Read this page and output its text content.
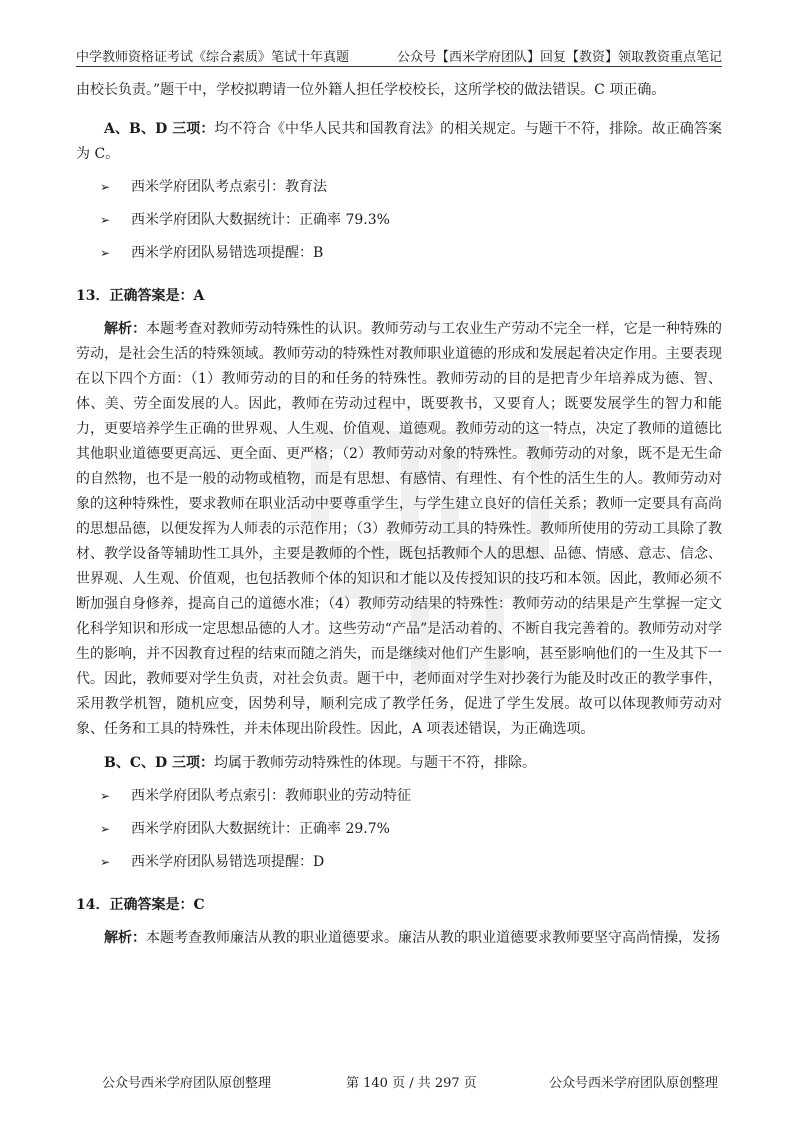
中学教师资格证考试《综合素质》笔试十年真题	公众号【西米学府团队】回复【教资】领取教资重点笔记

由校长负责。”题干中，学校拟聘请一位外籍人担任学校校长，这所学校的做法错误。C 项正确。

A、B、D 三项：均不符合《中华人民共和国教育法》的相关规定。与题干不符，排除。故正确答案为 C。

➢ 西米学府团队考点索引：教育法
➢ 西米学府团队大数据统计：正确率 79.3%
➢ 西米学府团队易错选项提醒：B

13．正确答案是：A

解析：本题考查对教师劳动特殊性的认识。教师劳动与工农业生产劳动不完全一样，它是一种特殊的劳动，是社会生活的特殊领域。教师劳动的特殊性对教师职业道德的形成和发展起着决定作用。主要表现在以下四个方面：（1）教师劳动的目的和任务的特殊性。教师劳动的目的是把青少年培养成为德、智、体、美、劳全面发展的人。因此，教师在劳动过程中，既要教书，又要育人；既要发展学生的智力和能力，更要培养学生正确的世界观、人生观、价值观、道德观。教师劳动的这一特点，决定了教师的道德比其他职业道德要更高远、更全面、更严格；（2）教师劳动对象的特殊性。教师劳动的对象，既不是无生命的自然物，也不是一般的动物或植物，而是有思想、有感情、有理性、有个性的活生生的人。教师劳动对象的这种特殊性，要求教师在职业活动中要尊重学生，与学生建立良好的信任关系；教师一定要具有高尚的思想品德，以便发挥为人师表的示范作用；（3）教师劳动工具的特殊性。教师所使用的劳动工具除了教材、教学设备等辅助性工具外，主要是教师的个性，既包括教师个人的思想、品德、情感、意志、信念、世界观、人生观、价值观，也包括教师个体的知识和才能以及传授知识的技巧和本领。因此，教师必须不断加强自身修养，提高自己的道德水准；（4）教师劳动结果的特殊性：教师劳动的结果是产生掌握一定文化科学知识和形成一定思想品德的人才。这些劳动“产品”是活动着的、不断自我完善着的。教师劳动对学生的影响，并不因教育过程的结束而随之消失，而是继续对他们产生影响，甚至影响他们的一生及其下一代。因此，教师要对学生负责，对社会负责。题干中，老师面对学生对抄袭行为能及时改正的教学事件，采用教学机智，随机应变，因势利导，顺利完成了教学任务，促进了学生发展。故可以体现教师劳动对象、任务和工具的特殊性，并未体现出阶段性。因此，A 项表述错误，为正确选项。

B、C、D 三项：均属于教师劳动特殊性的体现。与题干不符，排除。

➢ 西米学府团队考点索引：教师职业的劳动特征
➢ 西米学府团队大数据统计：正确率 29.7%
➢ 西米学府团队易错选项提醒：D

14．正确答案是：C

解析：本题考查教师廉洁从教的职业道德要求。廉洁从教的职业道德要求教师要坚守高尚情操，发扬

公众号西米学府团队原创整理	第 140 页 / 共 297 页	公众号西米学府团队原创整理
